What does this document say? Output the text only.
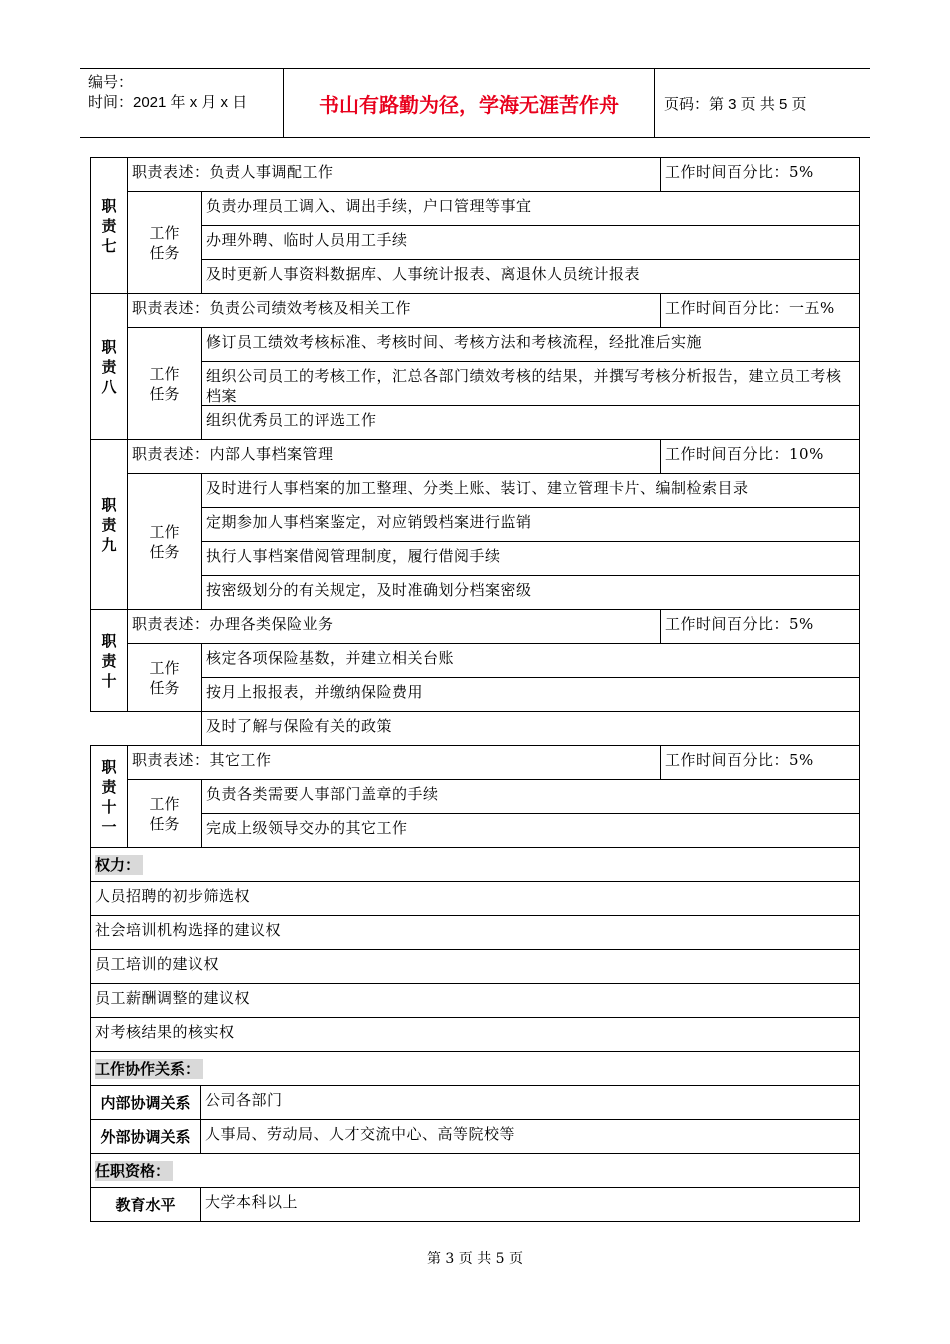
编号：
时间：2021 年 x 月 x 日	书山有路勤为径，学海无涯苦作舟	页码：第 3 页 共 5 页
职
责
七
职责表述：负责人事调配工作	工作时间百分比：5%
工作
任务
负责办理员工调入、调出手续，户口管理等事宜
办理外聘、临时人员用工手续
及时更新人事资料数据库、人事统计报表、离退休人员统计报表
职
责
八
职责表述：负责公司绩效考核及相关工作	工作时间百分比：一五%
工作
任务
修订员工绩效考核标准、考核时间、考核方法和考核流程，经批准后实施
组织公司员工的考核工作，汇总各部门绩效考核的结果，并撰写考核分析报告，建立员工考核档案
组织优秀员工的评选工作
职
责
九
职责表述：内部人事档案管理	工作时间百分比：10%
工作
任务
及时进行人事档案的加工整理、分类上账、装订、建立管理卡片、编制检索目录
定期参加人事档案鉴定，对应销毁档案进行监销
执行人事档案借阅管理制度，履行借阅手续
按密级划分的有关规定，及时准确划分档案密级
职
责
十
职责表述：办理各类保险业务	工作时间百分比：5%
工作
任务
核定各项保险基数，并建立相关台账
按月上报报表，并缴纳保险费用
及时了解与保险有关的政策
职
责
十
一
职责表述：其它工作	工作时间百分比：5%
工作
任务
负责各类需要人事部门盖章的手续
完成上级领导交办的其它工作
权力：
人员招聘的初步筛选权
社会培训机构选择的建议权
员工培训的建议权
员工薪酬调整的建议权
对考核结果的核实权
工作协作关系：
内部协调关系 公司各部门
外部协调关系 人事局、劳动局、人才交流中心、高等院校等
任职资格：
教育水平	大学本科以上
第 3 页 共 5 页
